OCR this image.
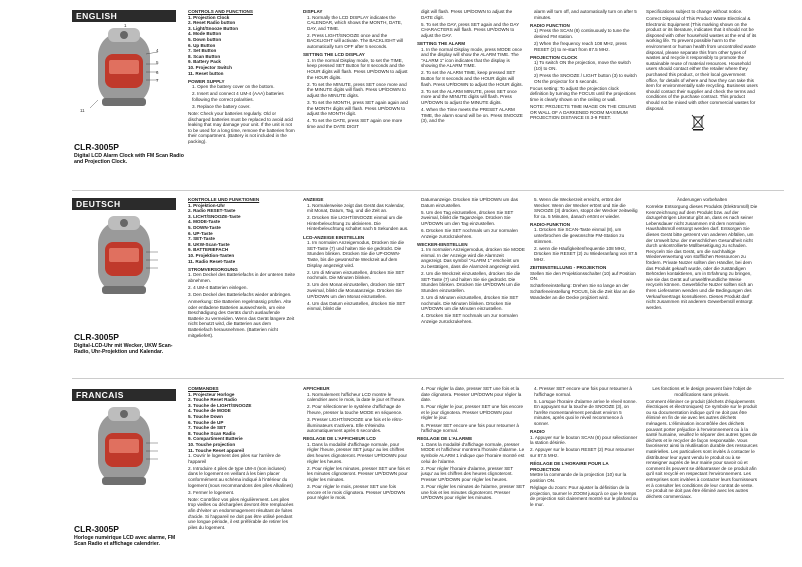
ENGLISH
1
4
5
6
7
11
CLR-3005P
Digital LCD Alarm Clock with FM Scan Radio and Projection Clock.
CONTROLS AND FUNCTIONS
1. Projection Clock
2. Reset Radio button
3. Light/Snooze Button
4. Mode Button
5. Down button
6. Up Button
7. Set Button
8. Scan Button
9. Battery Pack
10. Projector Switch
11. Reset button
POWER SUPPLY

1. Open the battery cover on the bottom.

2. Insert and connect 4 UM-4 (AAA) batteries following the correct polarities.

3. Replace the battery cover.

Note: Check your batteries regularly. Old or discharged batteries must be replaced to avoid acid leaking that may damage your unit. If the unit is not to be used for a long time, remove the batteries from their compartment. (Battery is not included in the packing).

DISPLAY

1. Normally the LCD DISPLAY indicates the CALENDAR, which shows the MONTH, DATE, DAY, and TIME.

2. Press LIGHT/SNOOZE once and the BACKLIGHT will activate. The BACKLIGHT will automatically turn OFF after 5 seconds.

SETTING THE LCD DISPLAY

1. In the normal Display mode, to set the TIME, keep pressed SET Button for 8 seconds and the HOUR digits will flash. Press UP/DOWN to adjust the HOUR digits.

2. To set the MINUTE, press SET once more and the MINUTE digits will flash. Press UP/DOWN to adjust the MINUTE digits.

3. To set the MONTH, press SET again again and the MONTH digits will flash. Press UP/DOWN to adjust the MONTH digit.

4. To set the DATE, press SET again one more time and the DATE DIGIT

digit will flash. Press UP/DOWN to adjust the DATE digit.

5. To set the DAY, press SET again and the DAY CHARACTERS will flash. Press UP/DOWN to adjust the DAY.

SETTING THE ALARM

1. In the normal Display mode, press MODE once and the display will show the ALARM TIME. The "ALARM 1" icon indicates that the display is showing the ALARM TIME.

2. To set the ALARM TIME, keep pressed SET Button for 8 seconds and the HOUR digits will flash. Press UP/DOWN to adjust the HOUR digits.

3. To set the ALARM MINUTE, press SET once more and the MINUTE digits will flash. Press UP/DOWN to adjust the MINUTE digits.

4. When the Time meets the PRESET ALARM TIME, the alarm sound will be on. Press SNOOZE (3), and the

alarm will turn off, and automatically turn on after 5 minutes.

RADIO FUNCTION

1) Press the SCAN (8) continuously to tune the desired FM station.

2) When the frequency reach 108 MHz, press RESET (2) to re-start from 87.5 MHz.

PROJECTION CLOCK

1) To switch ON the projection, move the switch (10) to ON.

2) Press the SNOOZE / LIGHT button (3) to switch ON the projector for 5 seconds.

Focus setting: To adjust the projection clock definition by turning the FOCUS until the projections time is clearly shown on the ceiling or wall.

NOTE: PROJECTS TIME IMAGE ON THE CEILING OR WALL OF A DARKENED ROOM MAXIMUM PROJECTION DISTANCE IS 3-9 FEET.

Specifications subject to change without notice.

Correct Disposal of This Product Waste Electrical & Electronic Equipment (This marking shown on the product or its literature, indicates that it should not be disposed with other household wastes at the end of its working life. To prevent possible harm to the environment or human health from uncontrolled waste disposal, please separate this from other types of wastes and recycle it responsibly to promote the sustainable reuse of material resources. Household users should contact either the retailer where they purchased this product, or their local government office, for details of where and how they can take this item for environmentally safe recycling. Business users should contact their supplier and check the terms and conditions of the purchase contract. This product should not be mixed with other commercial wastes for disposal.

DEUTSCH
CLR-3005P
Digital-LCD-Uhr mit Wecker, UKW Scan-Radio, Uhr-Projektion und Kalendar.
KONTROLLE UND FUNKTIONEN
1. Projektion-Uhr
2. Radio RESET-Taste
3. LICHT/SNOOZE-Taste
4. MODE-Taste
5. DOWN-Taste
6. UP-Taste
7. SET-Taste
8. UKW-Scan-Taste
9. BATTERIEFACH
10. Projektion-Tasten
11. Radio Reset-Taste
STROMVERSORGUNG

1. Den Deckel des Batteriefachs in der unteren Seite abnehmen.

2. 4 UM-4 Batterien einlegen.

3. Den Deckel des Batteriefachs wieder anbringen.

Anmerkung: Die Batterien regelmässig prüfen. Alte oder entladene Batterien auswechseln, um eine Beschädigung des Geräts durch auslaufende Batterie zu vermeiden. Wenn das Gerät längere Zeit nicht benutzt wird, die Batterien aus dem Batteriefach herausnehmen. (Batterien nicht mitgeliefert).

ANZEIGE

1. Normalerweise zeigt das Gerät das Kalendar, mit Monat, Datum, Tag, und die Zeit an.

2. Drücken Sie LIGHT/SNOOZE einmal um die Hinterbeleuchtung zu aktivieren. Die Hinterbeleuchtung schaltet nach 5 Sekunden aus.

LCD-ANZEIGE EINSTELLEN

1. Im normalen Anzeigemodus, Drücken Sie die SET-Taste (7) und halten Sie sie gedrückt. Die Stunden blinken. Drücken Sie die UP-DOWN-Taste, bis die gewünschte Weckzeit auf dem Display angezeigt wird.

2. Um di Minuten einzustellen, drücken Sie SET nochmals. Die Minuten blinken.

3. Um den Monat einzustellen, drücken Sie SET zweimal, blinkt die Monatanzeige. Drücken Sie UP/DOWN um den Monat einzustellen.

4. Um das Datum einzustellen, drücken Sie SET einmal, blinkt die

Datumanzeige. Drücken Sie UP/DOWN um das Datum einzustellen.

5. Um den Tag einzustellen, drücken Sie SET zweimal, blinkt die Taganzeige. Drücken Sie UP/DOWN um den Tag einzustellen.

6. Drücken Sie SET nochmals um zur normalen Anzeige zurückzukehren.

WECKER-EINSTELLEN

1. Im normalen Anzeigemodus, drücken Sie MODE einmal. In der Anzeige wird die Alarmzeit angezeigt. Das symbol "ALARM 1" erscheint um zu bestätigen, dass die Alarmzeit angezeigt wird.

2. Um die Weckzeit einzustellen, drücken Sie die SET-Taste (7) und halten Sie sie gedrückt. Die Stunden blinken. Drücken Sie UP/DOWN um die Stunden einzustellen.

3. Um di Minuten einzustellen, drücken Sie SET nochmals. Die Minuten blinken. Drücken Sie UP/DOWN um die Minuten einzustellen.

4. Drücken Sie SET nochmals um zur normalen Anzeige zurückzukehren.

5. Wenn die Weckerzeit erreicht, ertönt der Wecker. Wenn der Wecker ertönt und Sie die SNOOZE (3) drücken, stoppt der Wecker zeitweilig für ca. 5 Minuten, danach ertönt er wieder.

RADIO-FUNKTION

1. Drücken Sie SCAN-Taste einmal (8), um unterbrochen die gewünschte FM-Station zu stimmen.

2. wenn die Häufigkeitenfrequentie 108 MHz, Drücken Sie RESET (2) zu Wiederanfang von 87.5 MHz.

ZEITEINSTELLUNG - PROJEKTION

Stellen Sie den Projektionsschalter (10) auf Position ON.

Schärfeneinstellung: Drehen Sie so lange an der Schärfeneinstellung FOCUS, bis die Zeit klar an die Wandeder an die Decke projiziert wird.

Änderungen vorbehalten

Korrekte Entsorgung dieses Produkts (Elektromüll) Die Kennzeichnung auf dem Produkt bzw. auf der dazugehörigen Literatur gibt an, dass es nach seiner Lebensdauer nicht zusammen mit dem normalen Haushaltsmüll entsorgt werden darf. Entsorgen Sie dieses Gerät bitte getrennt von anderen Abfällen, um der Umwelt bzw. der menschlichen Gesundheit nicht durch unkontrollierte Müllbeseitigung zu schaden. Recyceln Sie das Gerät, um die nachhaltige Wiederverwertung von stofflichen Ressourcen zu fördern. Private Nutzer sollten den Händler, bei dem das Produkt gekauft wurde, oder die zuständigen Behörden kontaktieren, um in Erfahrung zu bringen, wie sie das Gerät auf umweltfreundliche Weise recyceln können. Gewerbliche Nutzer sollten sich an Ihren Lieferanten wenden und die Bedingungen des Verkaufsvertrags konsultieren. Dieses Produkt darf nicht zusammen mit anderem Gewerbemüll entsorgt werden.

FRANCAIS
CLR-3005P
Horloge numérique LCD avec alarme, FM Scan Radio et affichage calendrier.
COMMANDES
1. Projecteur Horloge
2. Touche Reset Radio
3. Touche de LIGHT/SNOOZE
4. Touche de MODE
5. Touche Down
6. Touche de UP
7. Touche de SET
8. Touche Scan Radio
9. Compartiment Batterie
10. Touche projection
11. Touche Reset appareil

1. Ouvrir le logement des piles sur l'arrière de l'appareil

2. Introduire 4 piles de type UM-4 (non incluses) dans le logement en veillant à les bien placer conformément au schéma indiqué à l'intérieur du logement (nous recommandons des piles Alkalines)

3. Fermer le logement.

Note: Contrôlez vos piles régulièrement. Les piles trop vieilles ou déchargées devront être remplacées afin d'éviter un endommagement résultant de fuites d'acide. Si l'appareil ne doit pas être utilisé pendant une longue période, il est préférable de retirer les piles du logement.

AFFICHEUR

1. Normalement l'afficheur LCD montre le calendrier avec le mois, la date le jour et l'heure.

2. Pour sélectionner le système d'affichage de l'heure, presser la touche MODE en séquence.

3. Presser LIGHT/SNOOZE une fois et le rétro-illuminateurs s'activera. Elle s'éteindra automatiquement après 6 secondes.

REGLAGE DE L'AFFICHEUR LCD

1. Dans la modalité d'affichage normale, pour régler l'heure, presser SET jusqu' au les chiffres des heures clignoteront. Presser UP/DOWN pour régler les heures.

2. Pour régler les minutes, presser SET une fois et les minutes clignoteront. Presser UP/DOWN pour régler les minutes.

3. Pour régler le mois, presser SET une fois encore et le mois clignotera. Presser UP/DOWN pour régler le mois.

4. Pour régler la date, presser SET une fois et la date clignotera. Presser UP/DOWN pour régler la date.

5. Pour régler le jour, presser SET une fois encore et le jour clignotera. Presser UP/DOWN pour régler le jour.

6. Presser SET encore une fois pour retourner à l'affichage normal.

REGLAGE DE L'ALARME

1. Dans la modalité d'affichage normale, presser MODE et l'afficheur montrera l'horaire d'alarme. Le symbole ALARM 1 indique que l'horaire montré est celui de l'alarme.

2. Pour régler l'horaire d'alarme, presser SET jusqu' au les chiffres des heures clignoteront. Presser UP/DOWN pour régler les heures.

3. Pour régler les minutes de l'alarme, presser SET une fois et les minutes clignoteront. Presser UP/DOWN pour régler les minutes.

4. Presser SET encore une fois pour retourner à l'affichage normal.

5. Lorsque l'horaire d'alarme arrive le réveil sonne. En appuyant sur la touche de SNOOZE (3), on l'arrête momentanément pendant environ 5 minutes, après quoi le réveil recommence à sonner.

RADIO

1. Appuyer sur le bouton SCAN (8) pour sélectionner la station désirée.

2. Appuyer sur le bouton RESET (2) Pour retourner sur 87.5 MHz.

RÉGLAGE DE L'HORAIRE POUR LA PROJECTION

Mettre la commande de la projection (10) sur la position ON.

Réglage du zoom: Pour ajuster la définition de la projection, tourner le ZOOM jusqu'à ce que le temps de projection soit clairement montré sur le plafond ou le mur.

Les fonctions et le design peuvent faire l'objet de modifications sans préavis.

Comment éliminer ce produit (déchets d'équipements électriques et électroniques) Ce symbole sur le produit ou sa documentation indique qu'il ne doit pas être éliminé en fin de vie avec les autres déchets ménagers. L'élimination incontrôlée des déchets pouvant porter préjudice à l'environnement ou à la santé humaine, veuillez le séparer des autres types de déchets et le recycler de façon responsable. Vous favoriserez ainsi la réutilisation durable des ressources matérielles. Les particuliers sont invités à contacter le distributeur leur ayant vendu le produit ou à se renseigner auprès de leur mairie pour savoir où et comment ils peuvent se débarrasser de ce produit afin qu'il soit recyclé en respectant l'environnement. Les entreprises sont invitées à contacter leurs fournisseurs et à consulter les conditions de leur contrat de vente. Ce produit ne doit pas être éliminé avec les autres déchets commerciaux.
